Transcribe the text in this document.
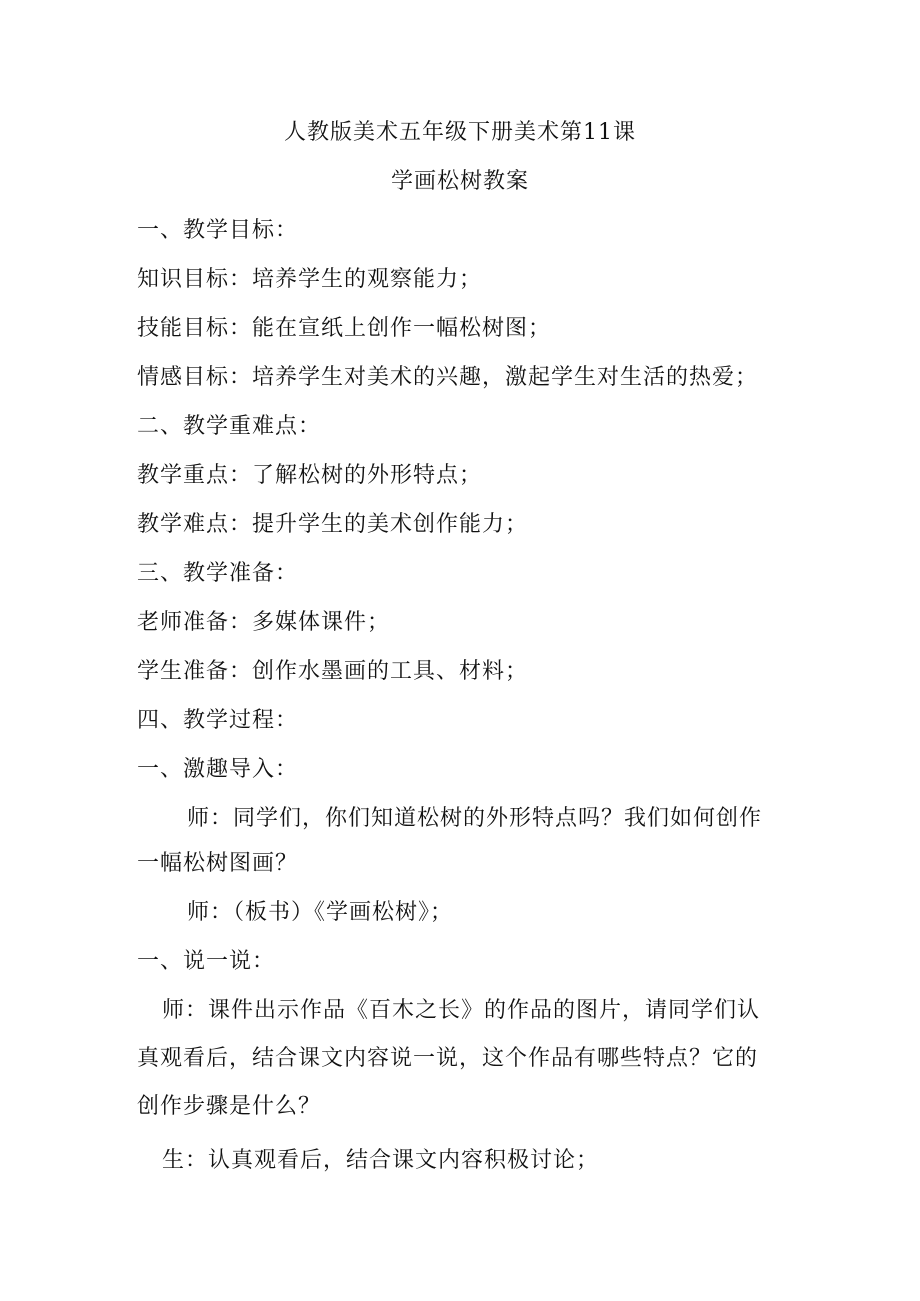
人教版美术五年级下册美术第11课
学画松树教案
一、教学目标：
知识目标：培养学生的观察能力；
技能目标：能在宣纸上创作一幅松树图；
情感目标：培养学生对美术的兴趣，激起学生对生活的热爱；
二、教学重难点：
教学重点：了解松树的外形特点；
教学难点：提升学生的美术创作能力；
三、教学准备：
老师准备：多媒体课件；
学生准备：创作水墨画的工具、材料；
四、教学过程：
一、激趣导入：
师：同学们，你们知道松树的外形特点吗？我们如何创作
一幅松树图画？
师：（板书）《学画松树》；
一、说一说：
师：课件出示作品《百木之长》的作品的图片，请同学们认
真观看后，结合课文内容说一说，这个作品有哪些特点？它的
创作步骤是什么？
生：认真观看后，结合课文内容积极讨论；
